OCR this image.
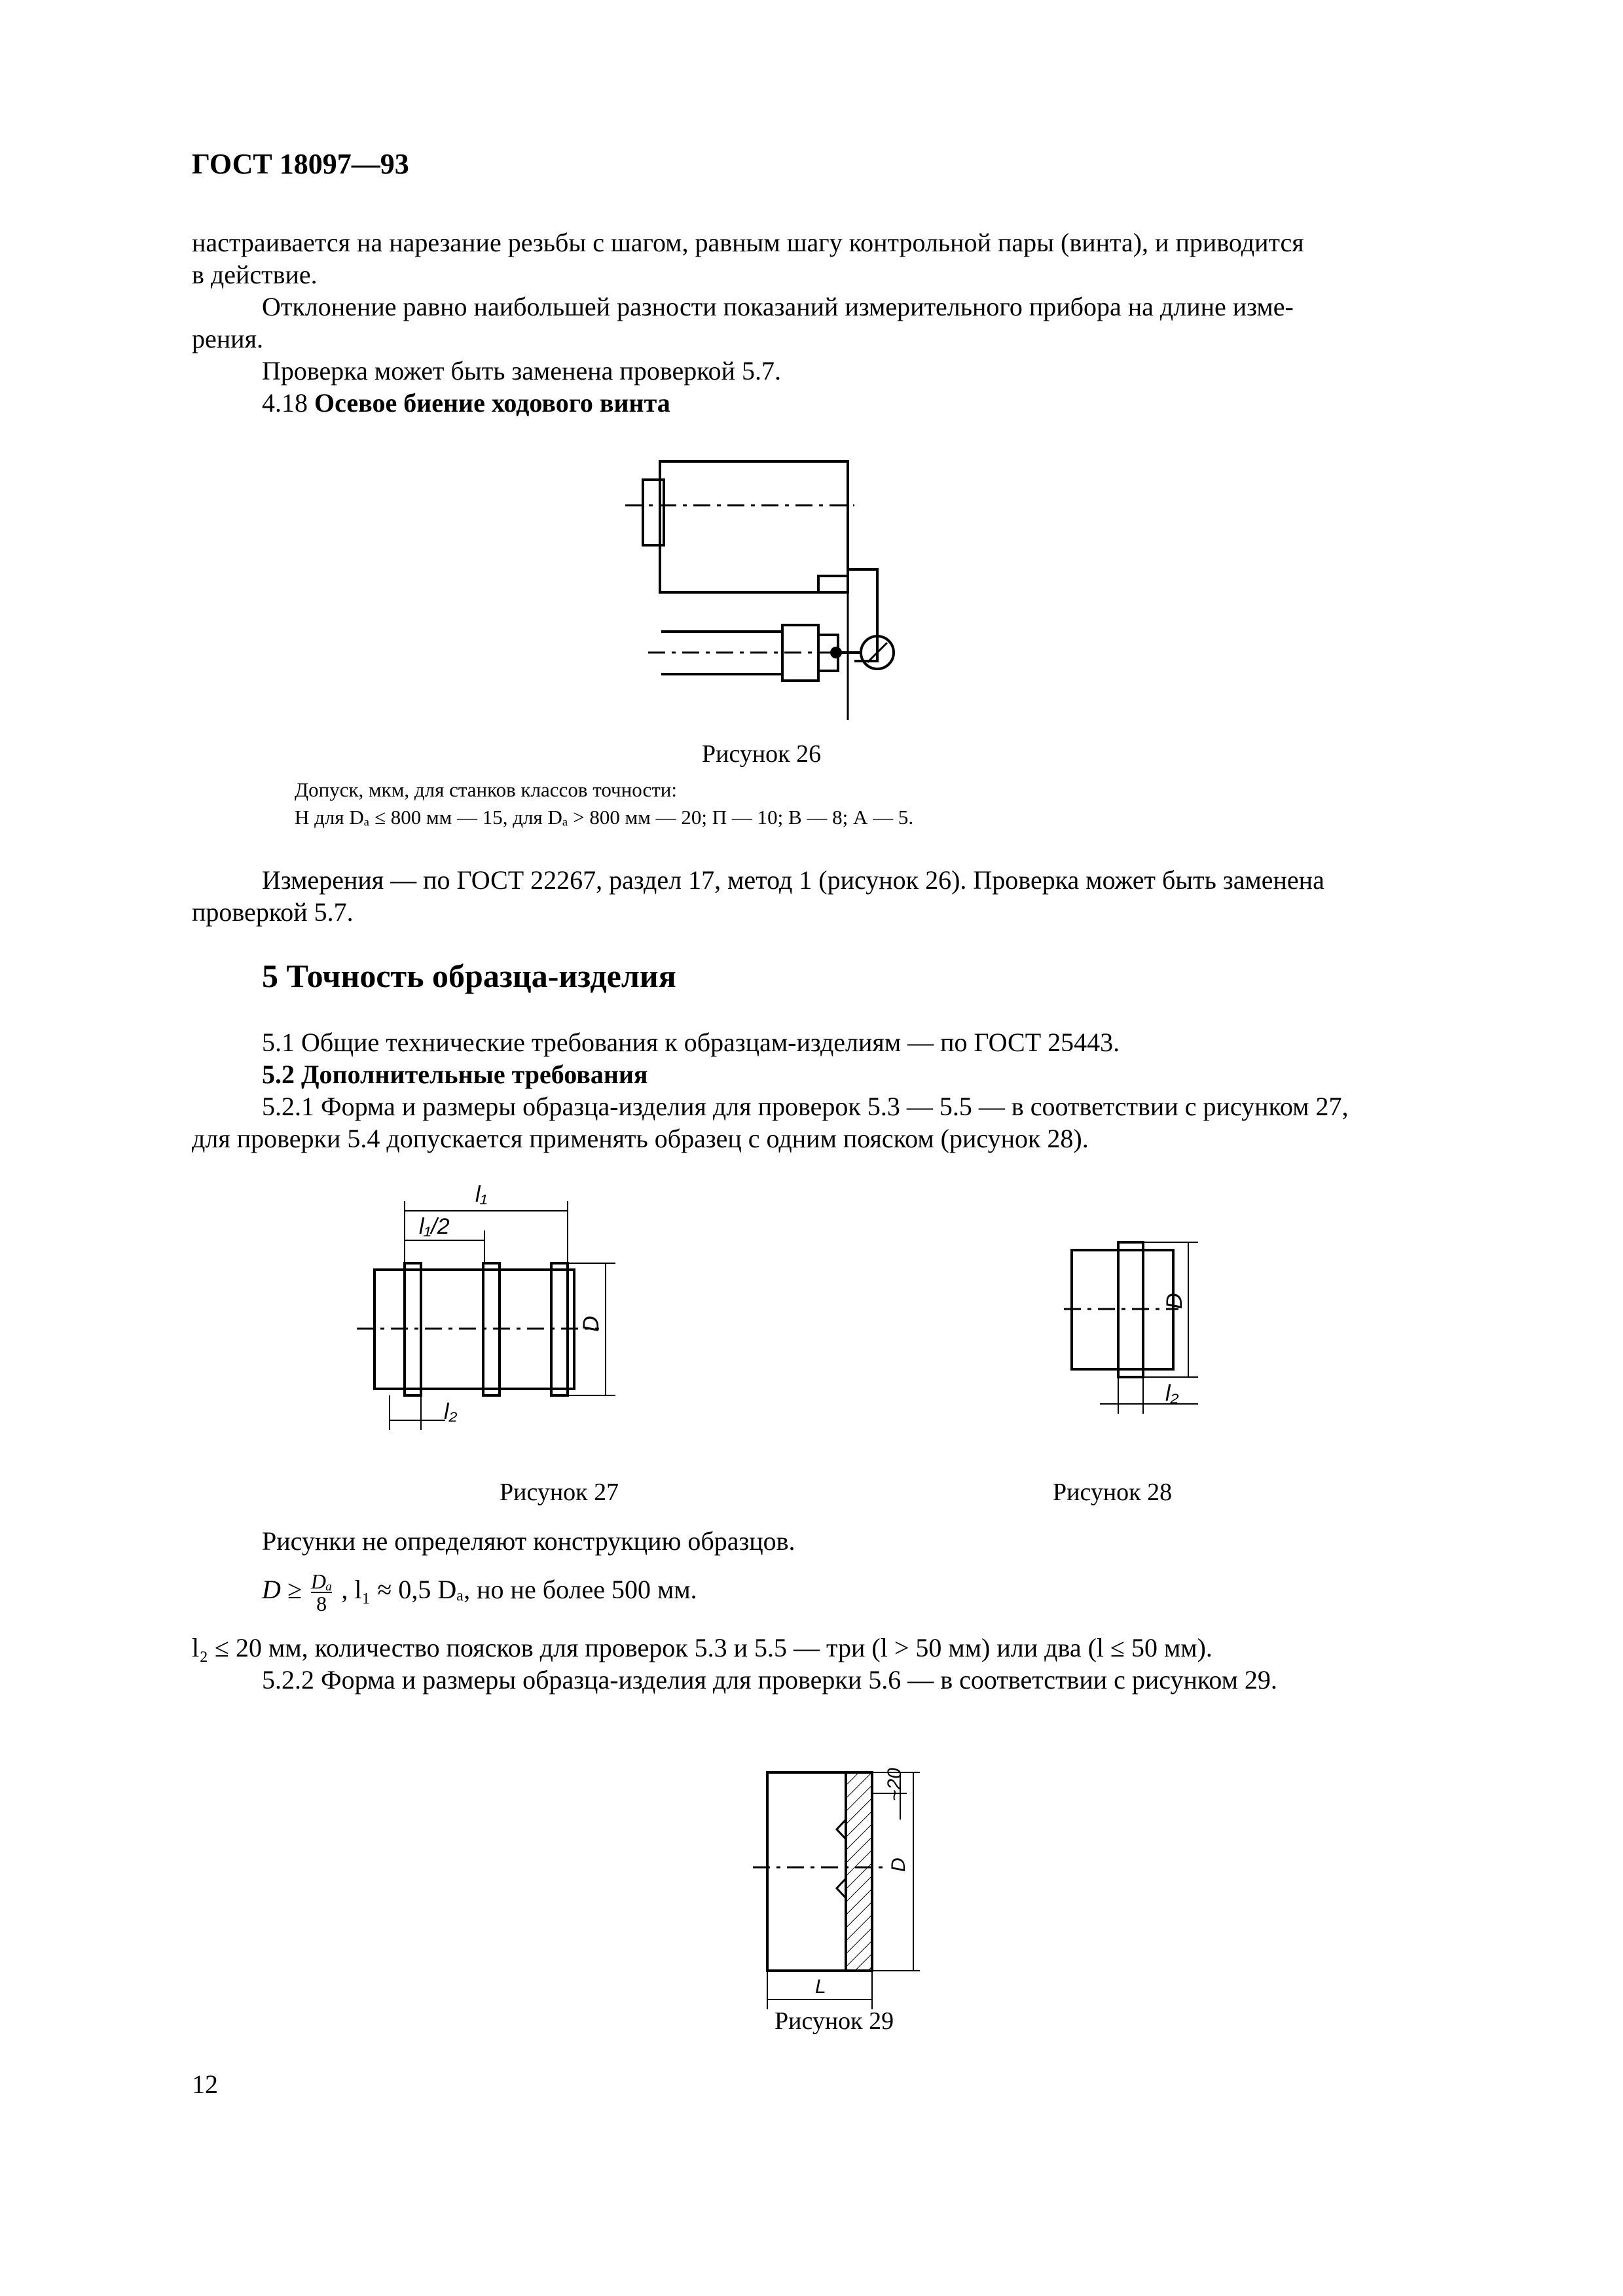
ГОСТ 18097—93
настраивается на нарезание резьбы с шагом, равным шагу контрольной пары (винта), и приводится
в действие.
Отклонение равно наибольшей разности показаний измерительного прибора на длине изме-
рения.
Проверка может быть заменена проверкой 5.7.
4.18 Осевое биение ходового винта
Рисунок 26
Допуск, мкм, для станков классов точности:
Н для Dₐ ≤ 800 мм — 15, для Dₐ > 800 мм — 20; П — 10; В — 8; А — 5.
Измерения — по ГОСТ 22267, раздел 17, метод 1 (рисунок 26). Проверка может быть заменена
проверкой 5.7.
5 Точность образца-изделия
5.1 Общие технические требования к образцам-изделиям — по ГОСТ 25443.
5.2 Дополнительные требования
5.2.1 Форма и размеры образца-изделия для проверок 5.3 — 5.5 — в соответствии с рисунком 27,
для проверки 5.4 допускается применять образец с одним пояском (рисунок 28).
l₁
l₁/2
l₂
D
l₂
D
Рисунок 27	Рисунок 28
Рисунки не определяют конструкцию образцов.
$D \ge \frac{\text{Dₐ}}{8}$ , l₁ ≈ 0,5 Dₐ, но не более 500 мм.
l₂ ≤ 20 мм, количество поясков для проверок 5.3 и 5.5 — три (l > 50 мм) или два (l ≤ 50 мм).
5.2.2 Форма и размеры образца-изделия для проверки 5.6 — в соответствии с рисунком 29.
L
D
~20
Рисунок 29
12
